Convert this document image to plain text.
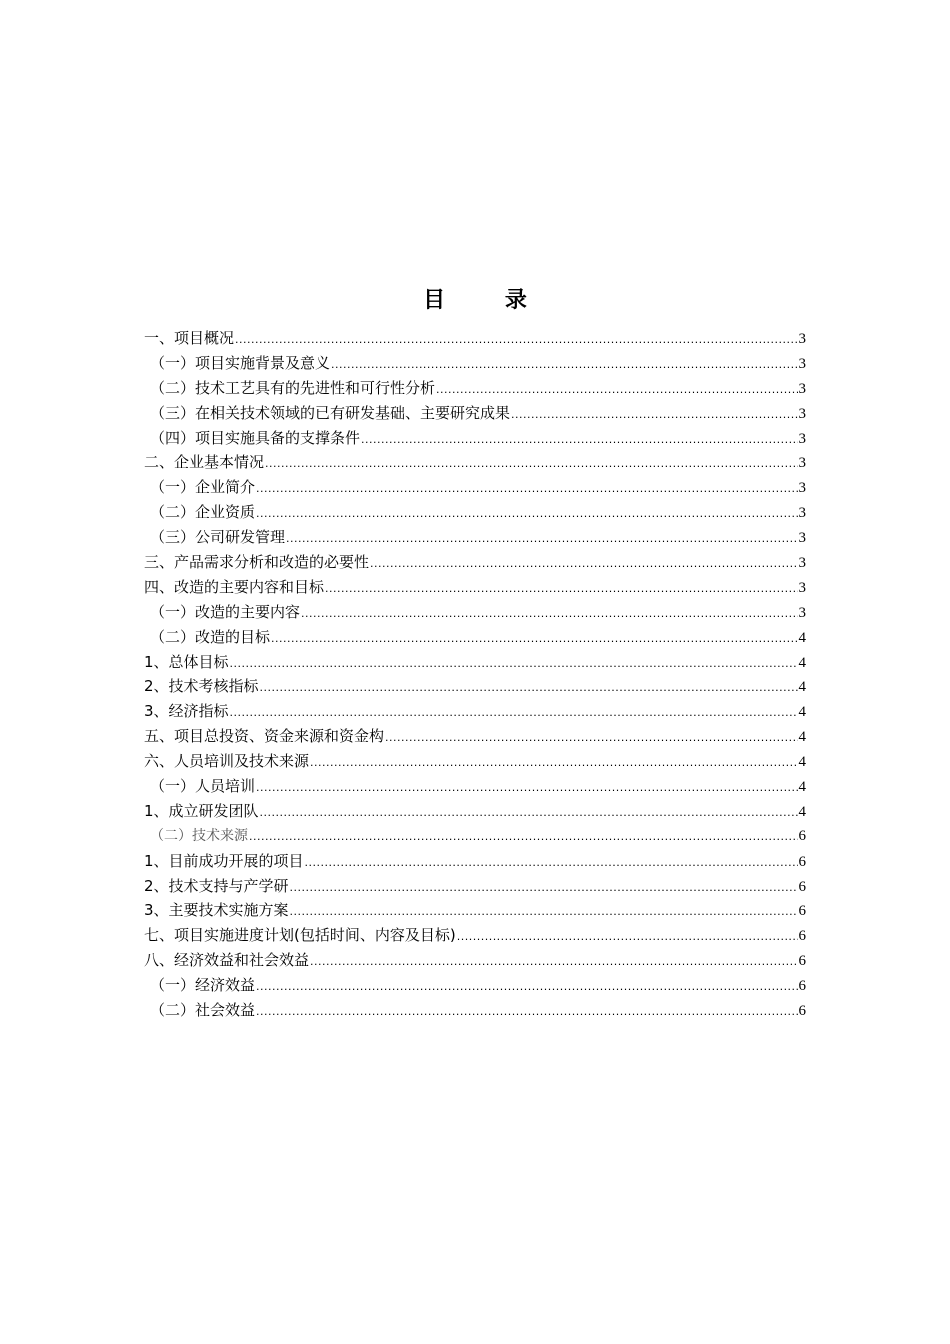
目 录
一、项目概况 .....	3
（一）项目实施背景及意义 .....	3
（二）技术工艺具有的先进性和可行性分析 .....	3
（三）在相关技术领域的已有研发基础、主要研究成果 .....	3
（四）项目实施具备的支撑条件 .....	3
二、企业基本情况 .....	3
（一）企业简介 .....	3
（二）企业资质 .....	3
（三）公司研发管理 .....	3
三、产品需求分析和改造的必要性 .....	3
四、改造的主要内容和目标 .....	3
（一）改造的主要内容 .....	3
（二）改造的目标 .....	4
1、总体目标 .....	4
2、技术考核指标 .....	4
3、经济指标 .....	4
五、项目总投资、资金来源和资金构 .....	4
六、人员培训及技术来源 .....	4
（一）人员培训 .....	4
1、成立研发团队 .....	4
（二）技术来源 .....	6
1、目前成功开展的项目 .....	6
2、技术支持与产学研 .....	6
3、主要技术实施方案 .....	6
七、项目实施进度计划(包括时间、内容及目标) .....	6
八、经济效益和社会效益 .....	6
（一）经济效益 .....	6
（二）社会效益 .....	6
